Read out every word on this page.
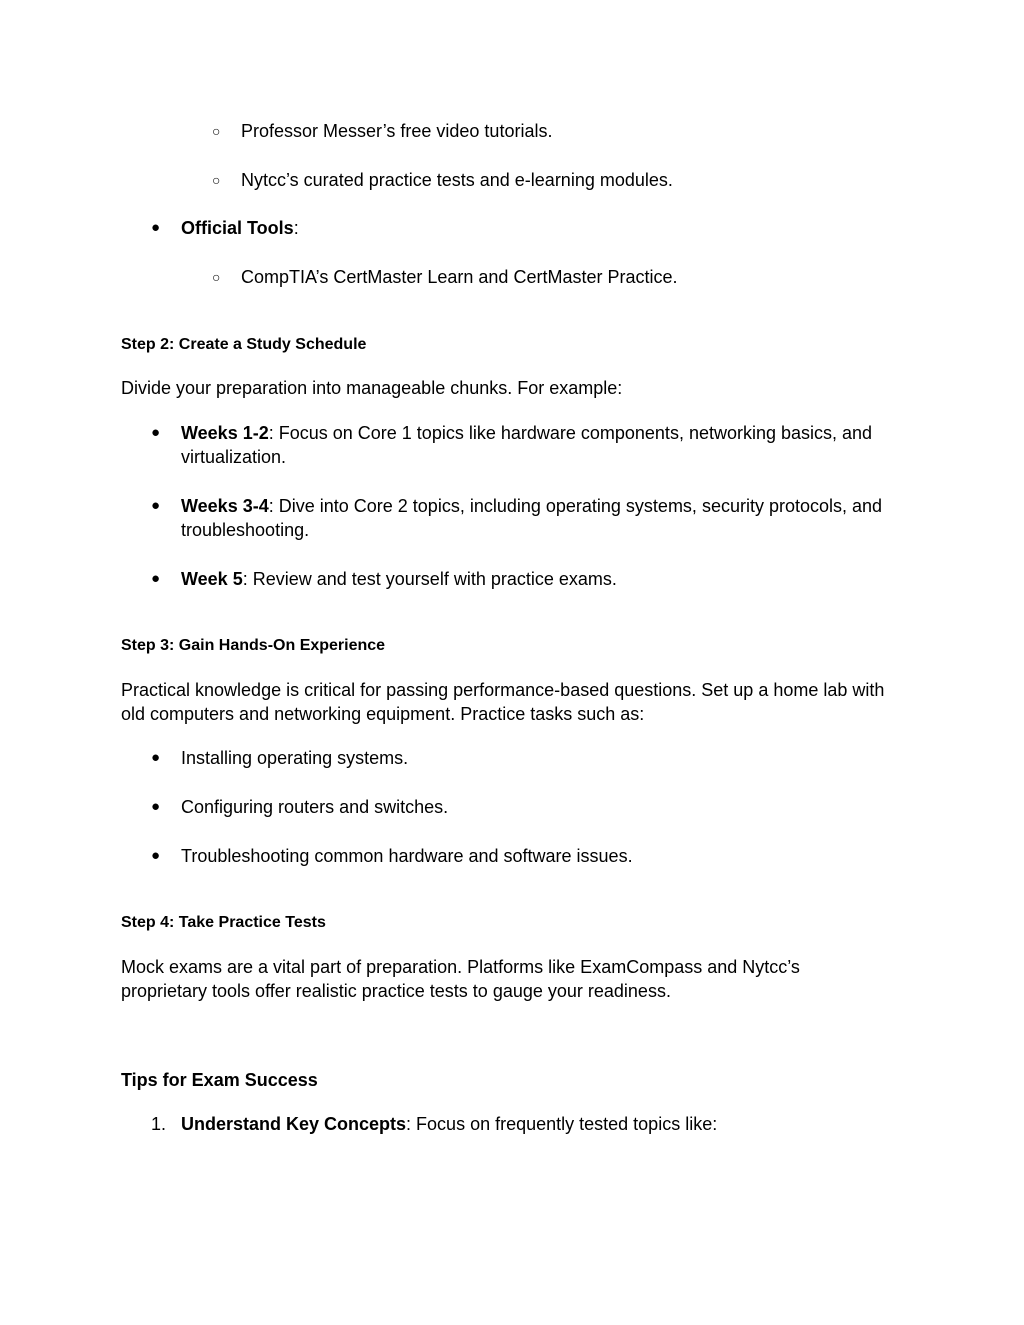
○ Professor Messer’s free video tutorials.

○ Nytcc’s curated practice tests and e-learning modules.

● Official Tools:

○ CompTIA’s CertMaster Learn and CertMaster Practice.

Step 2: Create a Study Schedule

Divide your preparation into manageable chunks. For example:

● Weeks 1-2: Focus on Core 1 topics like hardware components, networking basics, and

virtualization.

● Weeks 3-4: Dive into Core 2 topics, including operating systems, security protocols, and

troubleshooting.

● Week 5: Review and test yourself with practice exams.

Step 3: Gain Hands-On Experience

Practical knowledge is critical for passing performance-based questions. Set up a home lab with

old computers and networking equipment. Practice tasks such as:

● Installing operating systems.

● Configuring routers and switches.

● Troubleshooting common hardware and software issues.

Step 4: Take Practice Tests

Mock exams are a vital part of preparation. Platforms like ExamCompass and Nytcc’s

proprietary tools offer realistic practice tests to gauge your readiness.

Tips for Exam Success
1. Understand Key Concepts: Focus on frequently tested topics like:
